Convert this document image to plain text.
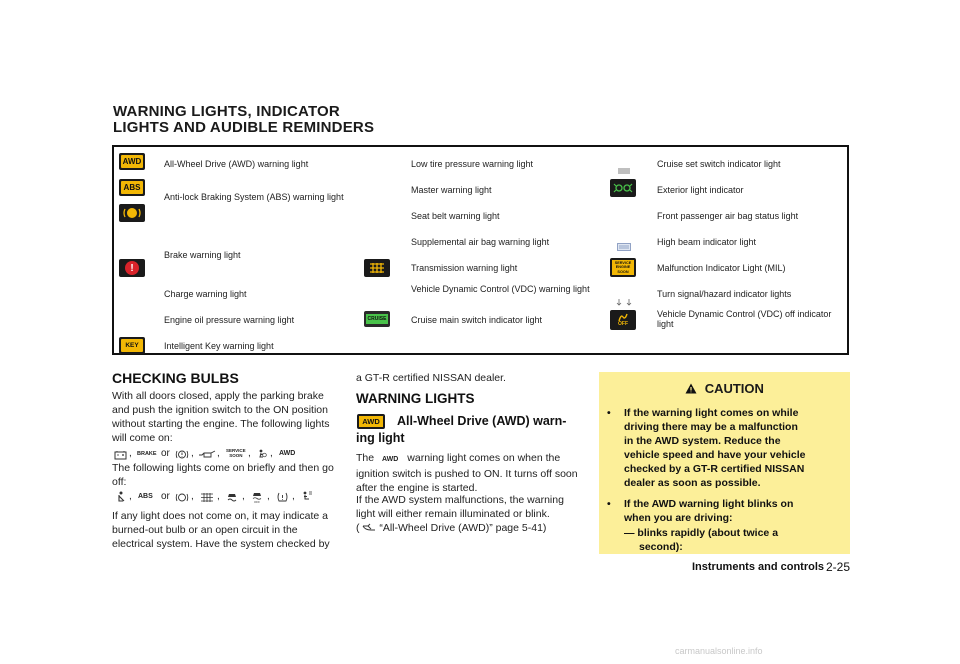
WARNING LIGHTS, INDICATOR
LIGHTS AND AUDIBLE REMINDERS
AWD
ABS
!
KEY
All-Wheel Drive (AWD) warning light
Anti-lock Braking System (ABS) warning light
Brake warning light
Charge warning light
Engine oil pressure warning light
Intelligent Key warning light
CRUISE
Low tire pressure warning light
Master warning light
Seat belt warning light
Supplemental air bag warning light
Transmission warning light
Vehicle Dynamic Control (VDC) warning light
Cruise main switch indicator light
SERVICE
ENGINE
SOON
OFF
Cruise set switch indicator light
Exterior light indicator
Front passenger air bag status light
High beam indicator light
Malfunction Indicator Light (MIL)
Turn signal/hazard indicator lights
Vehicle Dynamic Control (VDC) off indicator light
CHECKING BULBS
With all doors closed, apply the parking brake
and push the ignition switch to the ON position
without starting the engine. The following lights
will come on:
, BRAKE or , , SERVICE
SOON , , AWD
The following lights come on briefly and then go
off:
, ABS or , , ,	OFF , ,
If any light does not come on, it may indicate a
burned-out bulb or an open circuit in the
electrical system. Have the system checked by
a GT-R certified NISSAN dealer.
WARNING LIGHTS
AWD All-Wheel Drive (AWD) warn-
ing light
The AWD warning light comes on when the
ignition switch is pushed to ON. It turns off soon
after the engine is started.
If the AWD system malfunctions, the warning
light will either remain illuminated or blink.
( “All-Wheel Drive (AWD)” page 5-41)
CAUTION
• If the warning light comes on while
driving there may be a malfunction
in the AWD system. Reduce the
vehicle speed and have your vehicle
checked by a GT-R certified NISSAN
dealer as soon as possible.
• If the AWD warning light blinks on
when you are driving:
— blinks rapidly (about twice a
second):
Instruments and controls 2-25
carmanualsonline.info
